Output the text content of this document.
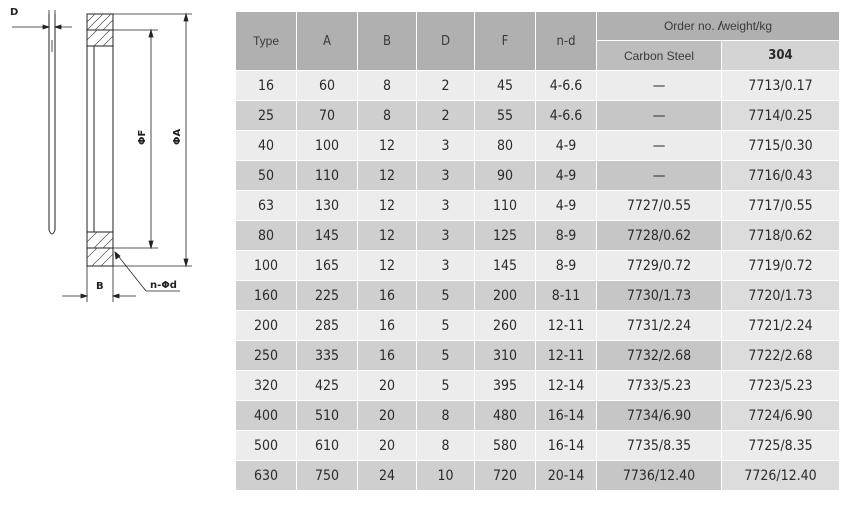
D
ΦF ΦA
B	n-Φd
Type	A	B	D	F	n-d	Order no. /weight/kg	
						Carbon Steel	304
16	60	8	2	45	4-6.6	—	7713/0.17
25	70	8	2	55	4-6.6	—	7714/0.25
40	100	12	3	80	4-9	—	7715/0.30
50	110	12	3	90	4-9	—	7716/0.43
63	130	12	3	110	4-9	7727/0.55	7717/0.55
80	145	12	3	125	8-9	7728/0.62	7718/0.62
100	165	12	3	145	8-9	7729/0.72	7719/0.72
160	225	16	5	200	8-11	7730/1.73	7720/1.73
200	285	16	5	260	12-11	7731/2.24	7721/2.24
250	335	16	5	310	12-11	7732/2.68	7722/2.68
320	425	20	5	395	12-14	7733/5.23	7723/5.23
400	510	20	8	480	16-14	7734/6.90	7724/6.90
500	610	20	8	580	16-14	7735/8.35	7725/8.35
630	750	24	10	720	20-14	7736/12.40	7726/12.40
